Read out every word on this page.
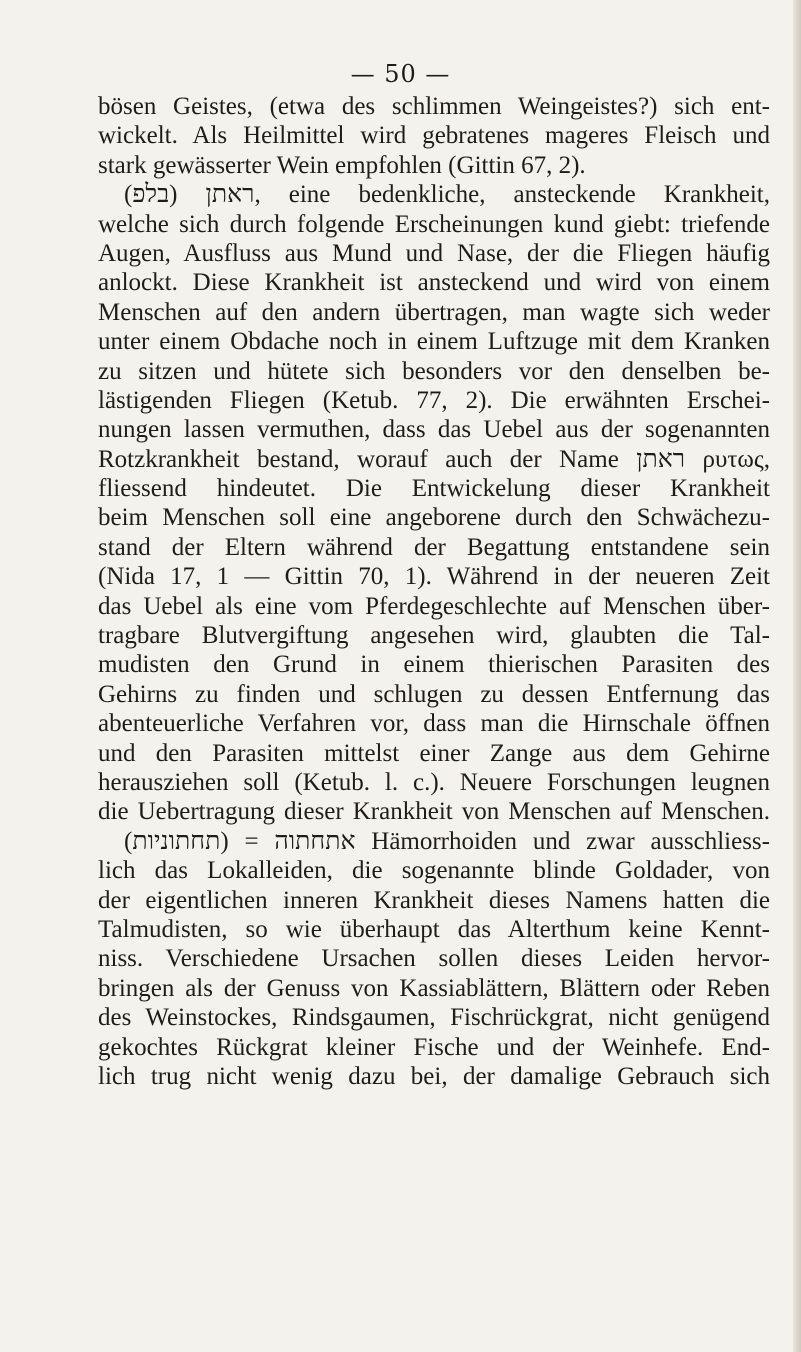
— 50 —
bösen Geistes, (etwa des schlimmen Weingeistes?) sich ent-
wickelt. Als Heilmittel wird gebratenes mageres Fleisch und
stark gewässerter Wein empfohlen (Gittin 67, 2).
ראתן (בלפ), eine bedenkliche, ansteckende Krankheit,
welche sich durch folgende Erscheinungen kund giebt: triefende
Augen, Ausfluss aus Mund und Nase, der die Fliegen häufig
anlockt. Diese Krankheit ist ansteckend und wird von einem
Menschen auf den andern übertragen, man wagte sich weder
unter einem Obdache noch in einem Luftzuge mit dem Kranken
zu sitzen und hütete sich besonders vor den denselben be-
lästigenden Fliegen (Ketub. 77, 2). Die erwähnten Erschei-
nungen lassen vermuthen, dass das Uebel aus der sogenannten
Rotzkrankheit bestand, worauf auch der Name ראתן ρυτως,
fliessend hindeutet. Die Entwickelung dieser Krankheit
beim Menschen soll eine angeborene durch den Schwächezu-
stand der Eltern während der Begattung entstandene sein
(Nida 17, 1 — Gittin 70, 1). Während in der neueren Zeit
das Uebel als eine vom Pferdegeschlechte auf Menschen über-
tragbare Blutvergiftung angesehen wird, glaubten die Tal-
mudisten den Grund in einem thierischen Parasiten des
Gehirns zu finden und schlugen zu dessen Entfernung das
abenteuerliche Verfahren vor, dass man die Hirnschale öffnen
und den Parasiten mittelst einer Zange aus dem Gehirne
herausziehen soll (Ketub. l. c.). Neuere Forschungen leugnen
die Uebertragung dieser Krankheit von Menschen auf Menschen.
אתחתוה = (תחתוניות) Hämorrhoiden und zwar ausschliess-
lich das Lokalleiden, die sogenannte blinde Goldader, von
der eigentlichen inneren Krankheit dieses Namens hatten die
Talmudisten, so wie überhaupt das Alterthum keine Kennt-
niss. Verschiedene Ursachen sollen dieses Leiden hervor-
bringen als der Genuss von Kassiablättern, Blättern oder Reben
des Weinstockes, Rindsgaumen, Fischrückgrat, nicht genügend
gekochtes Rückgrat kleiner Fische und der Weinhefe. End-
lich trug nicht wenig dazu bei, der damalige Gebrauch sich
